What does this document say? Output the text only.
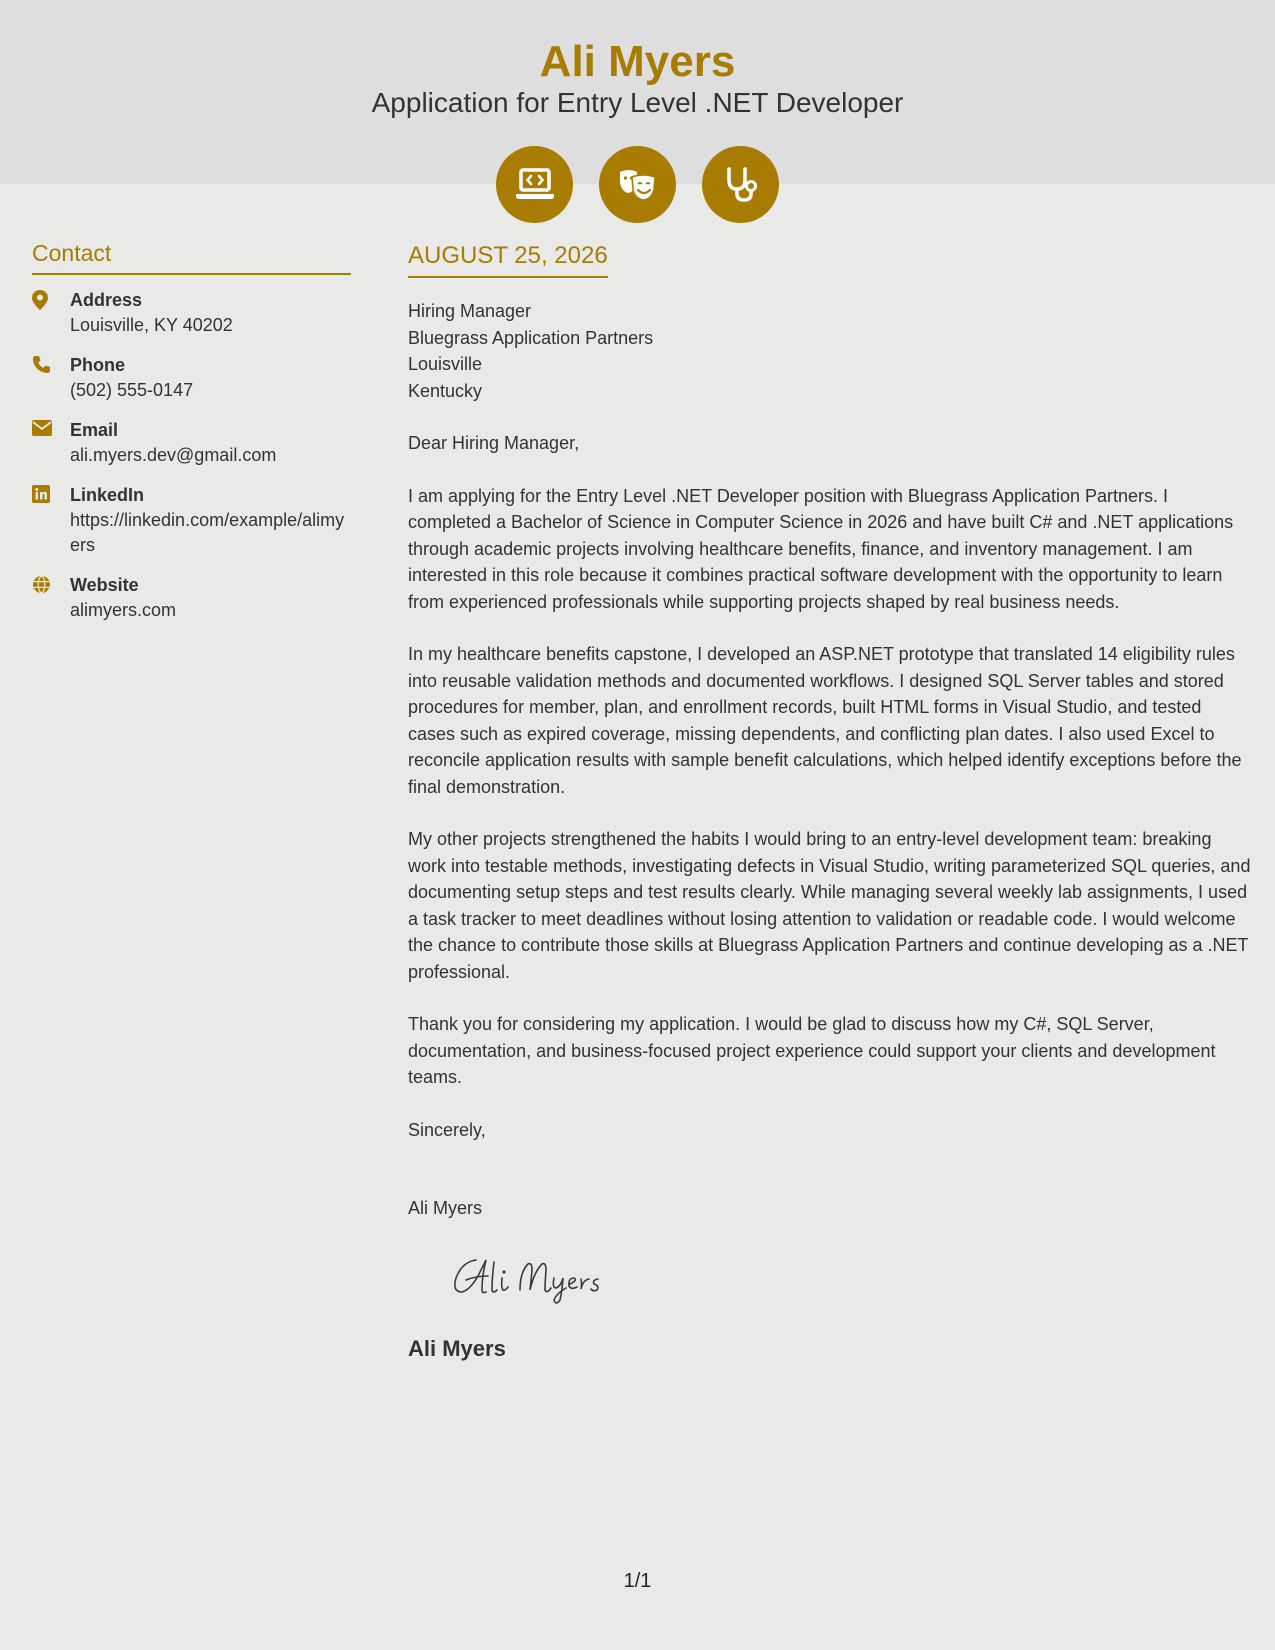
Ali Myers
Application for Entry Level .NET Developer
Contact
Address
Louisville, KY 40202
Phone
(502) 555-0147
Email
ali.myers.dev@gmail.com
LinkedIn
https://linkedin.com/example/alimyers
Website
alimyers.com
AUGUST 25, 2026
Hiring Manager
Bluegrass Application Partners
Louisville
Kentucky
Dear Hiring Manager,
I am applying for the Entry Level .NET Developer position with Bluegrass Application Partners. I completed a Bachelor of Science in Computer Science in 2026 and have built C# and .NET applications through academic projects involving healthcare benefits, finance, and inventory management. I am interested in this role because it combines practical software development with the opportunity to learn from experienced professionals while supporting projects shaped by real business needs.
In my healthcare benefits capstone, I developed an ASP.NET prototype that translated 14 eligibility rules into reusable validation methods and documented workflows. I designed SQL Server tables and stored procedures for member, plan, and enrollment records, built HTML forms in Visual Studio, and tested cases such as expired coverage, missing dependents, and conflicting plan dates. I also used Excel to reconcile application results with sample benefit calculations, which helped identify exceptions before the final demonstration.
My other projects strengthened the habits I would bring to an entry-level development team: breaking work into testable methods, investigating defects in Visual Studio, writing parameterized SQL queries, and documenting setup steps and test results clearly. While managing several weekly lab assignments, I used a task tracker to meet deadlines without losing attention to validation or readable code. I would welcome the chance to contribute those skills at Bluegrass Application Partners and continue developing as a .NET professional.
Thank you for considering my application. I would be glad to discuss how my C#, SQL Server, documentation, and business-focused project experience could support your clients and development teams.
Sincerely,
Ali Myers
Ali Myers
1/1
